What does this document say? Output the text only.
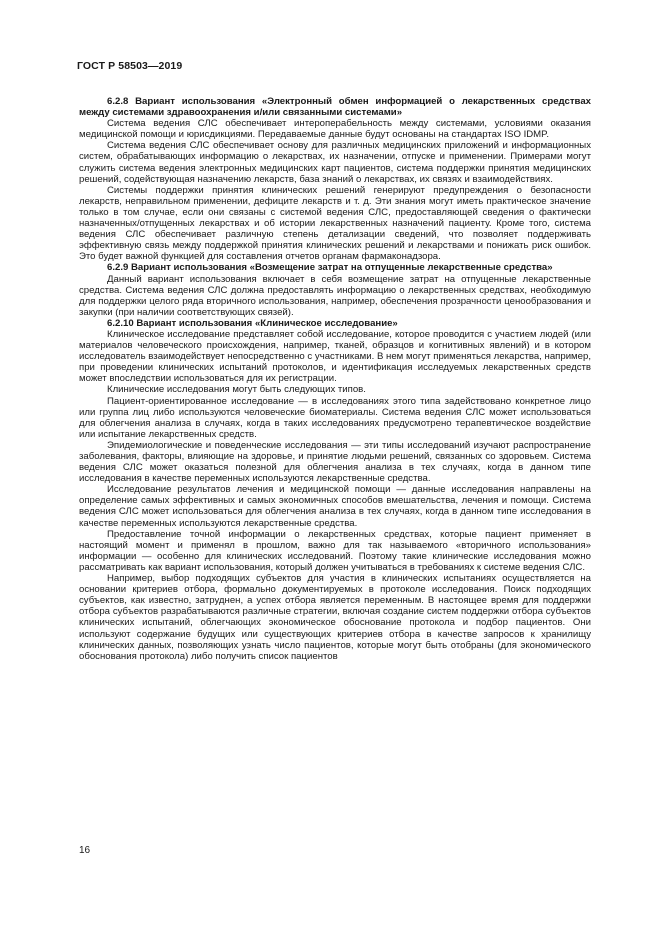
ГОСТ Р 58503—2019

6.2.8 Вариант использования «Электронный обмен информацией о лекарственных средствах между системами здравоохранения и/или связанными системами»

Система ведения СЛС обеспечивает интероперабельность между системами, условиями оказания медицинской помощи и юрисдикциями. Передаваемые данные будут основаны на стандартах ISO IDMP.

Система ведения СЛС обеспечивает основу для различных медицинских приложений и информационных систем, обрабатывающих информацию о лекарствах, их назначении, отпуске и применении. Примерами могут служить система ведения электронных медицинских карт пациентов, система поддержки принятия медицинских решений, содействующая назначению лекарств, база знаний о лекарствах, их связях и взаимодействиях.

Системы поддержки принятия клинических решений генерируют предупреждения о безопасности лекарств, неправильном применении, дефиците лекарств и т. д. Эти знания могут иметь практическое значение только в том случае, если они связаны с системой ведения СЛС, предоставляющей сведения о фактически назначенных/отпущенных лекарствах и об истории лекарственных назначений пациенту. Кроме того, система ведения СЛС обеспечивает различную степень детализации сведений, что позволяет поддерживать эффективную связь между поддержкой принятия клинических решений и лекарствами и понижать риск ошибок. Это будет важной функцией для составления отчетов органам фармаконадзора.

6.2.9 Вариант использования «Возмещение затрат на отпущенные лекарственные средства»

Данный вариант использования включает в себя возмещение затрат на отпущенные лекарственные средства. Система ведения СЛС должна предоставлять информацию о лекарственных средствах, необходимую для поддержки целого ряда вторичного использования, например, обеспечения прозрачности ценообразования и закупки (при наличии соответствующих связей).

6.2.10 Вариант использования «Клиническое исследование»

Клиническое исследование представляет собой исследование, которое проводится с участием людей (или материалов человеческого происхождения, например, тканей, образцов и когнитивных явлений) и в котором исследователь взаимодействует непосредственно с участниками. В нем могут применяться лекарства, например, при проведении клинических испытаний протоколов, и идентификация исследуемых лекарственных средств может впоследствии использоваться для их регистрации.

Клинические исследования могут быть следующих типов.

Пациент-ориентированное исследование — в исследованиях этого типа задействовано конкретное лицо или группа лиц либо используются человеческие биоматериалы. Система ведения СЛС может использоваться для облегчения анализа в случаях, когда в таких исследованиях предусмотрено терапевтическое воздействие или испытание лекарственных средств.

Эпидемиологические и поведенческие исследования — эти типы исследований изучают распространение заболевания, факторы, влияющие на здоровье, и принятие людьми решений, связанных со здоровьем. Система ведения СЛС может оказаться полезной для облегчения анализа в тех случаях, когда в данном типе исследования в качестве переменных используются лекарственные средства.

Исследование результатов лечения и медицинской помощи — данные исследования направлены на определение самых эффективных и самых экономичных способов вмешательства, лечения и помощи. Система ведения СЛС может использоваться для облегчения анализа в тех случаях, когда в данном типе исследования в качестве переменных используются лекарственные средства.

Предоставление точной информации о лекарственных средствах, которые пациент применяет в настоящий момент и применял в прошлом, важно для так называемого «вторичного использования» информации — особенно для клинических исследований. Поэтому такие клинические исследования можно рассматривать как вариант использования, который должен учитываться в требованиях к системе ведения СЛС.

Например, выбор подходящих субъектов для участия в клинических испытаниях осуществляется на основании критериев отбора, формально документируемых в протоколе исследования. Поиск подходящих субъектов, как известно, затруднен, а успех отбора является переменным. В настоящее время для поддержки отбора субъектов разрабатываются различные стратегии, включая создание систем поддержки отбора субъектов клинических испытаний, облегчающих экономическое обоснование протокола и подбор пациентов. Они используют содержание будущих или существующих критериев отбора в качестве запросов к хранилищу клинических данных, позволяющих узнать число пациентов, которые могут быть отобраны (для экономического обоснования протокола) либо получить список пациентов

16
